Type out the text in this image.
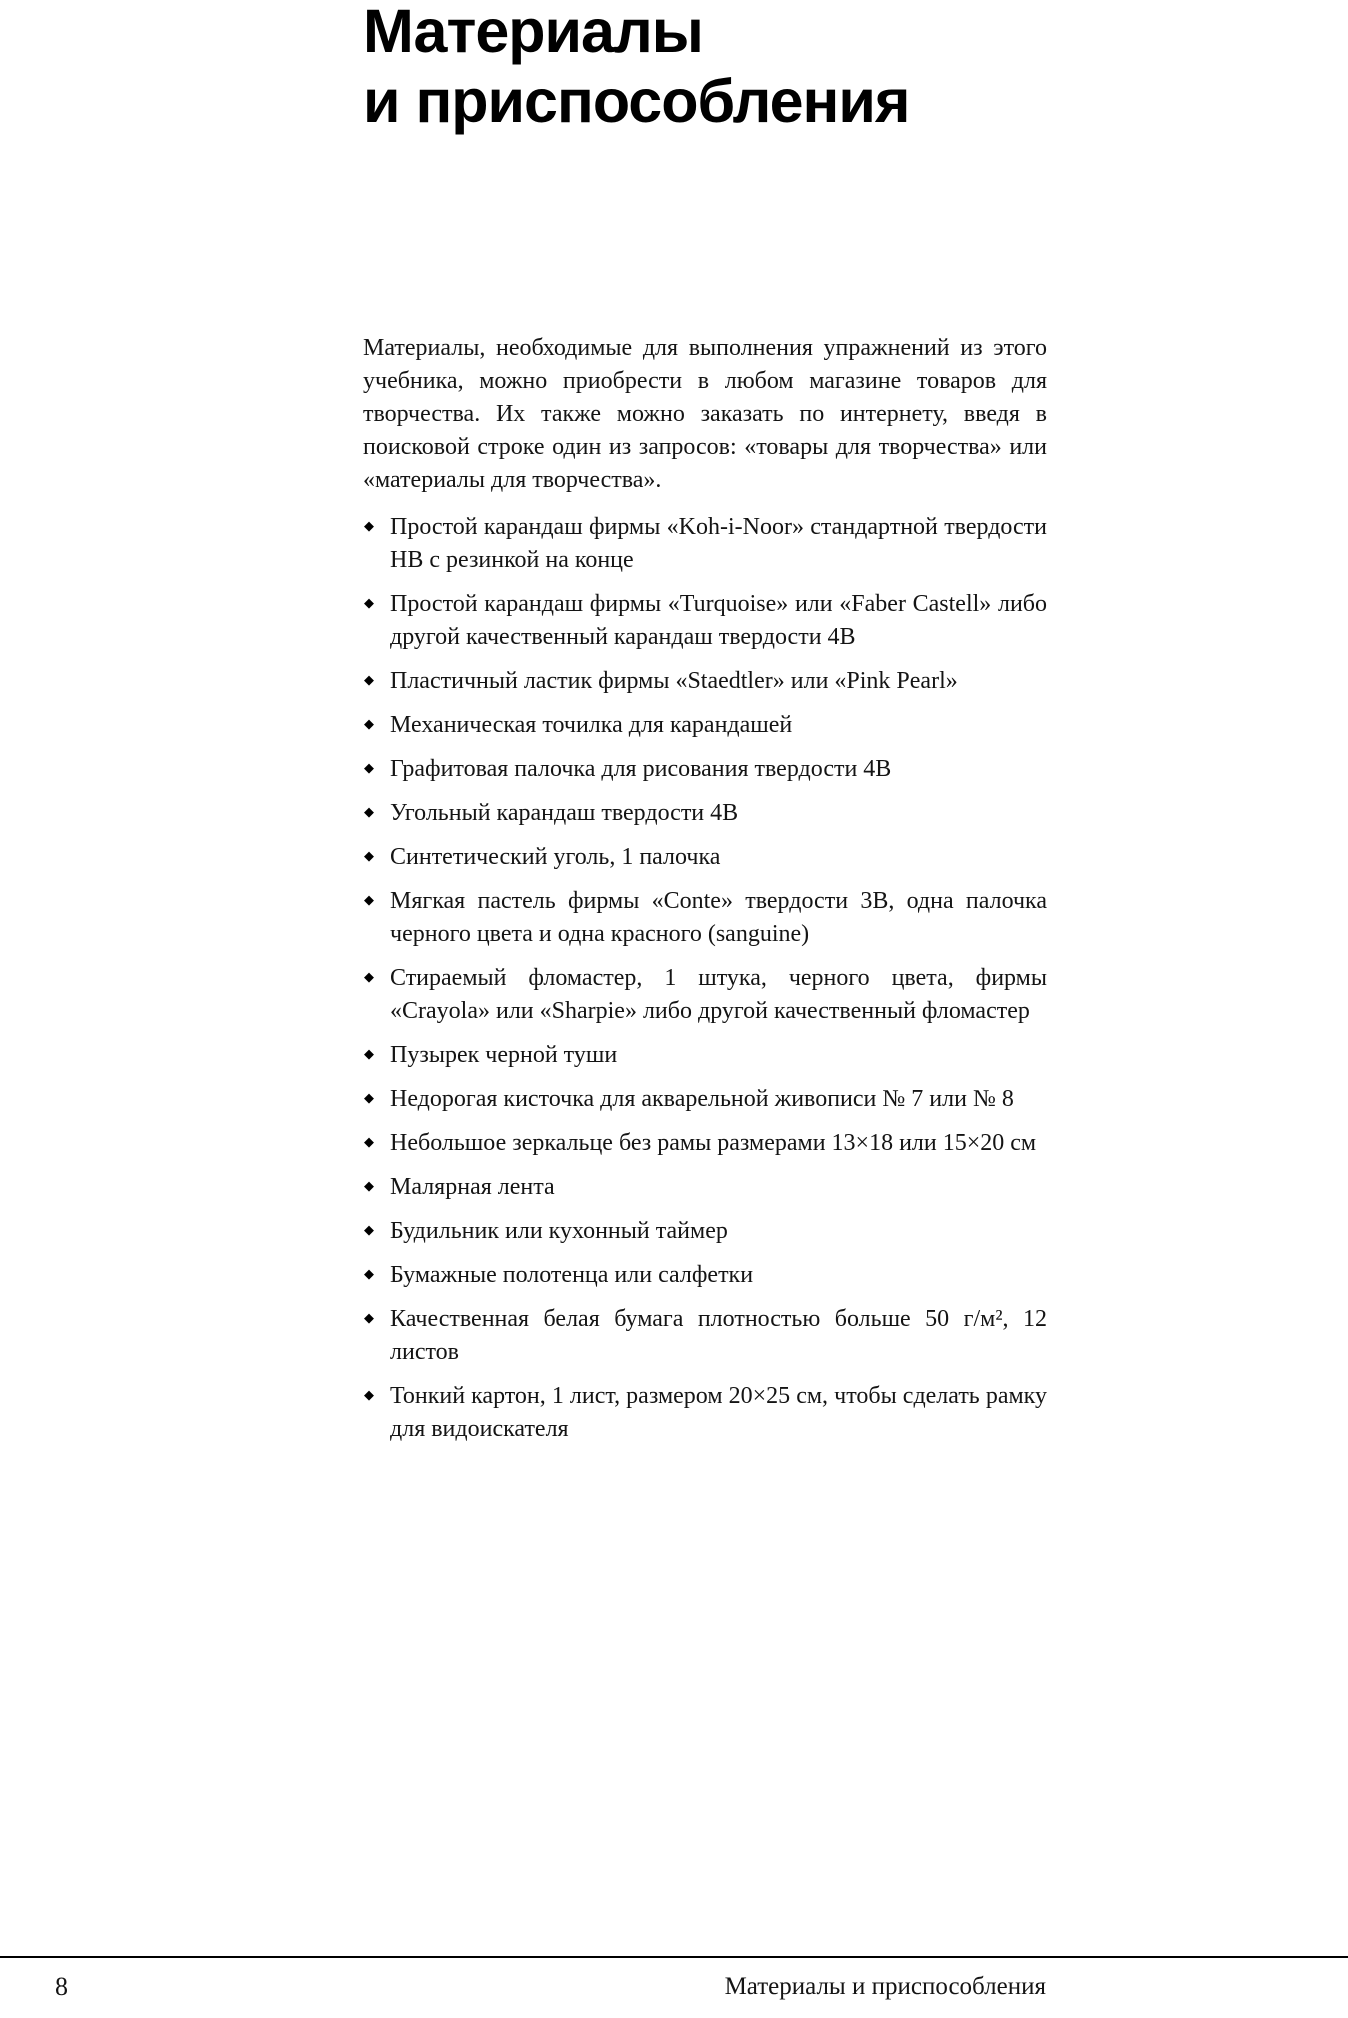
Материалы
и приспособления

Материалы, необходимые для выполнения упражнений из этого учебника, можно приобрести в любом магазине товаров для творчества. Их также можно заказать по интернету, введя в поисковой строке один из запросов: «товары для творчества» или «материалы для творчества».

◆ Простой карандаш фирмы «Koh-i-Noor» стандартной твердости HB с резинкой на конце
◆ Простой карандаш фирмы «Turquoise» или «Faber Castell» либо другой качественный карандаш твердости 4B
◆ Пластичный ластик фирмы «Staedtler» или «Pink Pearl»
◆ Механическая точилка для карандашей
◆ Графитовая палочка для рисования твердости 4B
◆ Угольный карандаш твердости 4B
◆ Синтетический уголь, 1 палочка
◆ Мягкая пастель фирмы «Conte» твердости 3B, одна палочка черного цвета и одна красного (sanguine)
◆ Стираемый фломастер, 1 штука, черного цвета, фирмы «Crayola» или «Sharpie» либо другой качественный фломастер
◆ Пузырек черной туши
◆ Недорогая кисточка для акварельной живописи № 7 или № 8
◆ Небольшое зеркальце без рамы размерами 13×18 или 15×20 см
◆ Малярная лента
◆ Будильник или кухонный таймер
◆ Бумажные полотенца или салфетки
◆ Качественная белая бумага плотностью больше 50 г/м², 12 листов
◆ Тонкий картон, 1 лист, размером 20×25 см, чтобы сделать рамку для видоискателя
8	Материалы и приспособления
